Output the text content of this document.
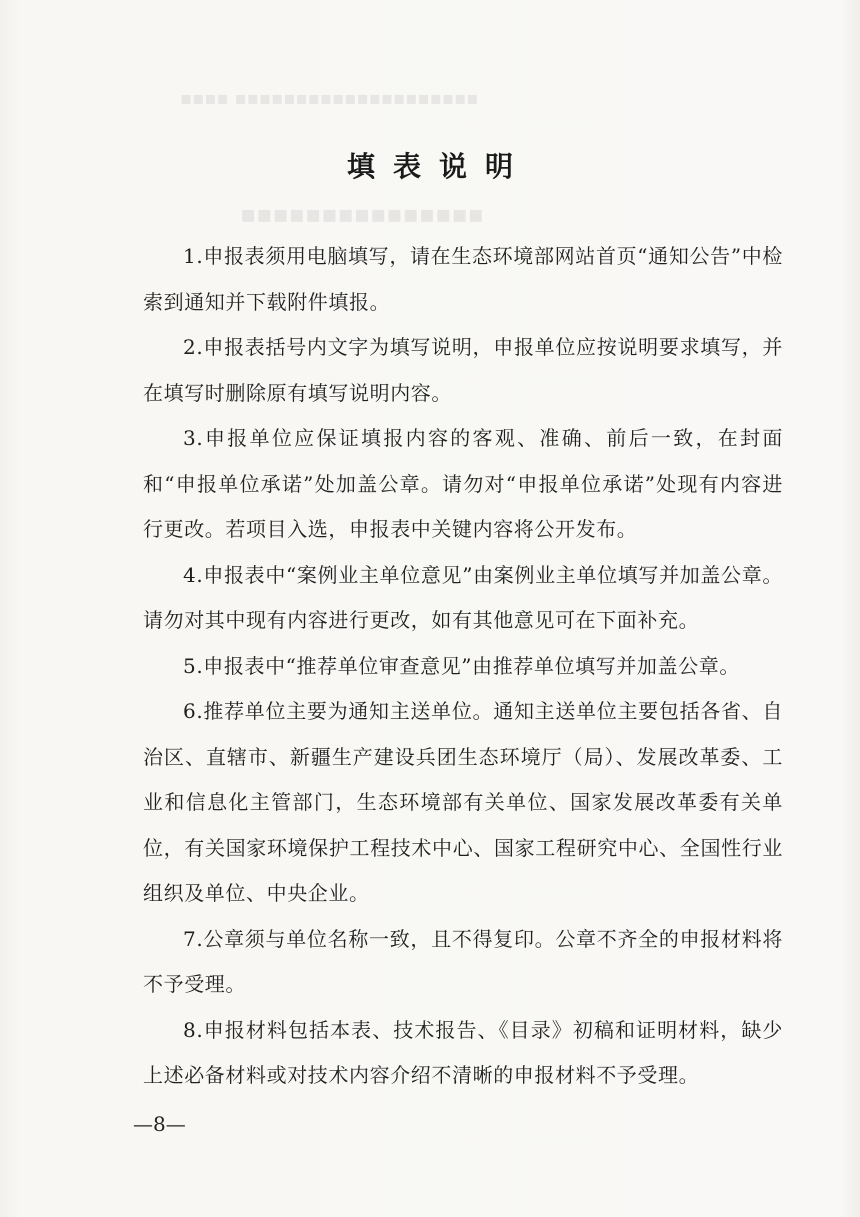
▪▪▪▪ ▪▪▪▪▪▪▪▪▪▪▪▪▪▪▪▪▪▪▪▪
▪▪▪▪▪▪▪▪▪▪▪▪▪▪▪
填表说明

1.申报表须用电脑填写，请在生态环境部网站首页“通知公告”中检索到通知并下载附件填报。

2.申报表括号内文字为填写说明，申报单位应按说明要求填写，并在填写时删除原有填写说明内容。

3.申报单位应保证填报内容的客观、准确、前后一致，在封面和“申报单位承诺”处加盖公章。请勿对“申报单位承诺”处现有内容进行更改。若项目入选，申报表中关键内容将公开发布。

4.申报表中“案例业主单位意见”由案例业主单位填写并加盖公章。请勿对其中现有内容进行更改，如有其他意见可在下面补充。

5.申报表中“推荐单位审查意见”由推荐单位填写并加盖公章。

6.推荐单位主要为通知主送单位。通知主送单位主要包括各省、自治区、直辖市、新疆生产建设兵团生态环境厅（局）、发展改革委、工业和信息化主管部门，生态环境部有关单位、国家发展改革委有关单位，有关国家环境保护工程技术中心、国家工程研究中心、全国性行业组织及单位、中央企业。

7.公章须与单位名称一致，且不得复印。公章不齐全的申报材料将不予受理。

8.申报材料包括本表、技术报告、《目录》初稿和证明材料，缺少上述必备材料或对技术内容介绍不清晰的申报材料不予受理。

—8—
